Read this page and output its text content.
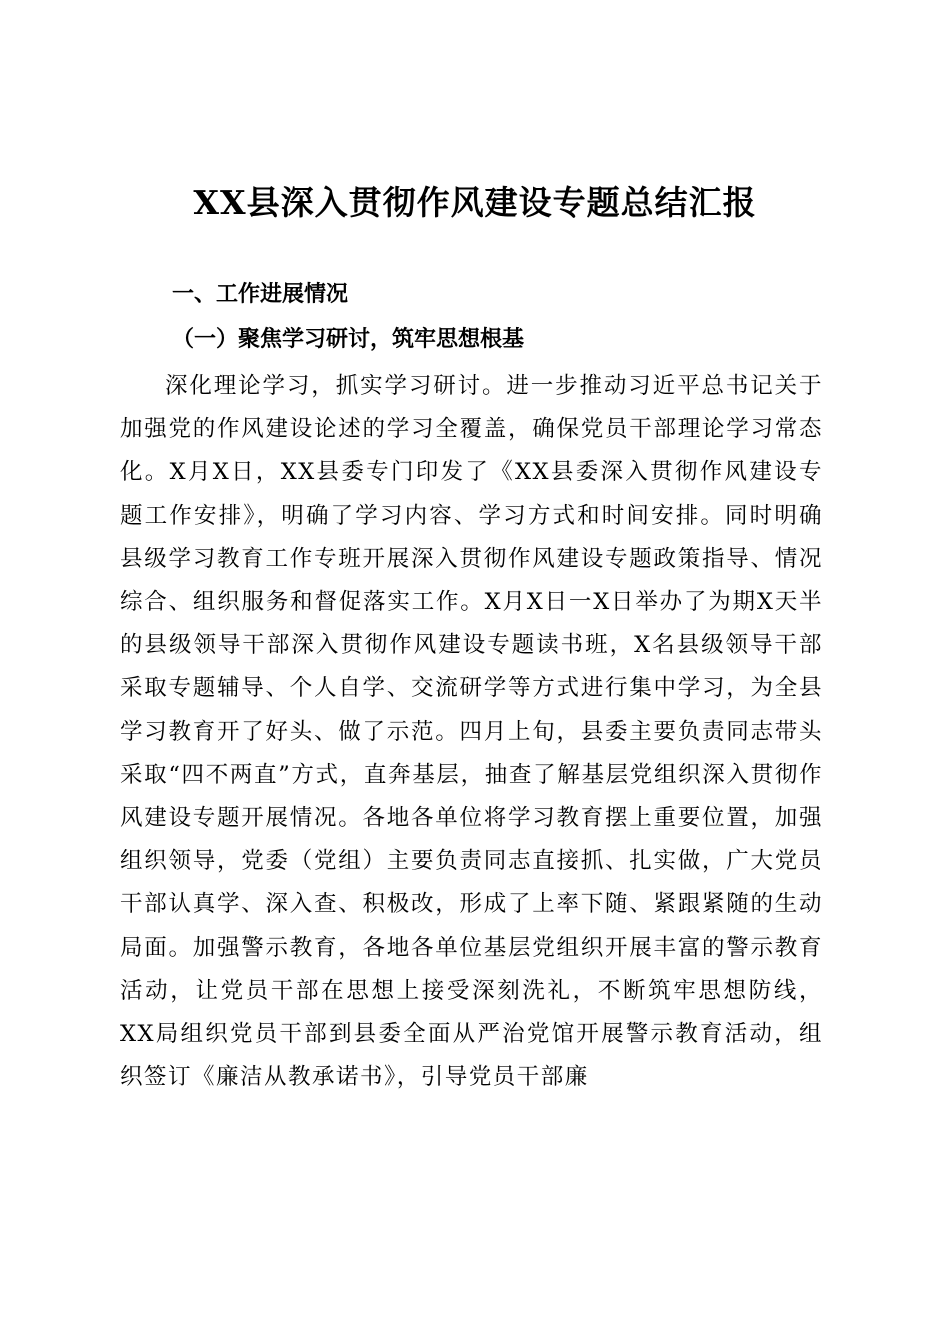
XX县深入贯彻作风建设专题总结汇报
一、工作进展情况
（一）聚焦学习研讨，筑牢思想根基

深化理论学习，抓实学习研讨。进一步推动习近平总书记关于加强党的作风建设论述的学习全覆盖，确保党员干部理论学习常态化。X月X日，XX县委专门印发了《XX县委深入贯彻作风建设专题工作安排》，明确了学习内容、学习方式和时间安排。同时明确县级学习教育工作专班开展深入贯彻作风建设专题政策指导、情况综合、组织服务和督促落实工作。X月X日一X日举办了为期X天半的县级领导干部深入贯彻作风建设专题读书班，X名县级领导干部采取专题辅导、个人自学、交流研学等方式进行集中学习，为全县学习教育开了好头、做了示范。四月上旬，县委主要负责同志带头采取“四不两直”方式，直奔基层，抽查了解基层党组织深入贯彻作风建设专题开展情况。各地各单位将学习教育摆上重要位置，加强组织领导，党委（党组）主要负责同志直接抓、扎实做，广大党员干部认真学、深入查、积极改，形成了上率下随、紧跟紧随的生动局面。加强警示教育，各地各单位基层党组织开展丰富的警示教育活动，让党员干部在思想上接受深刻洗礼，不断筑牢思想防线，XX局组织党员干部到县委全面从严治党馆开展警示教育活动，组织签订《廉洁从教承诺书》，引导党员干部廉
